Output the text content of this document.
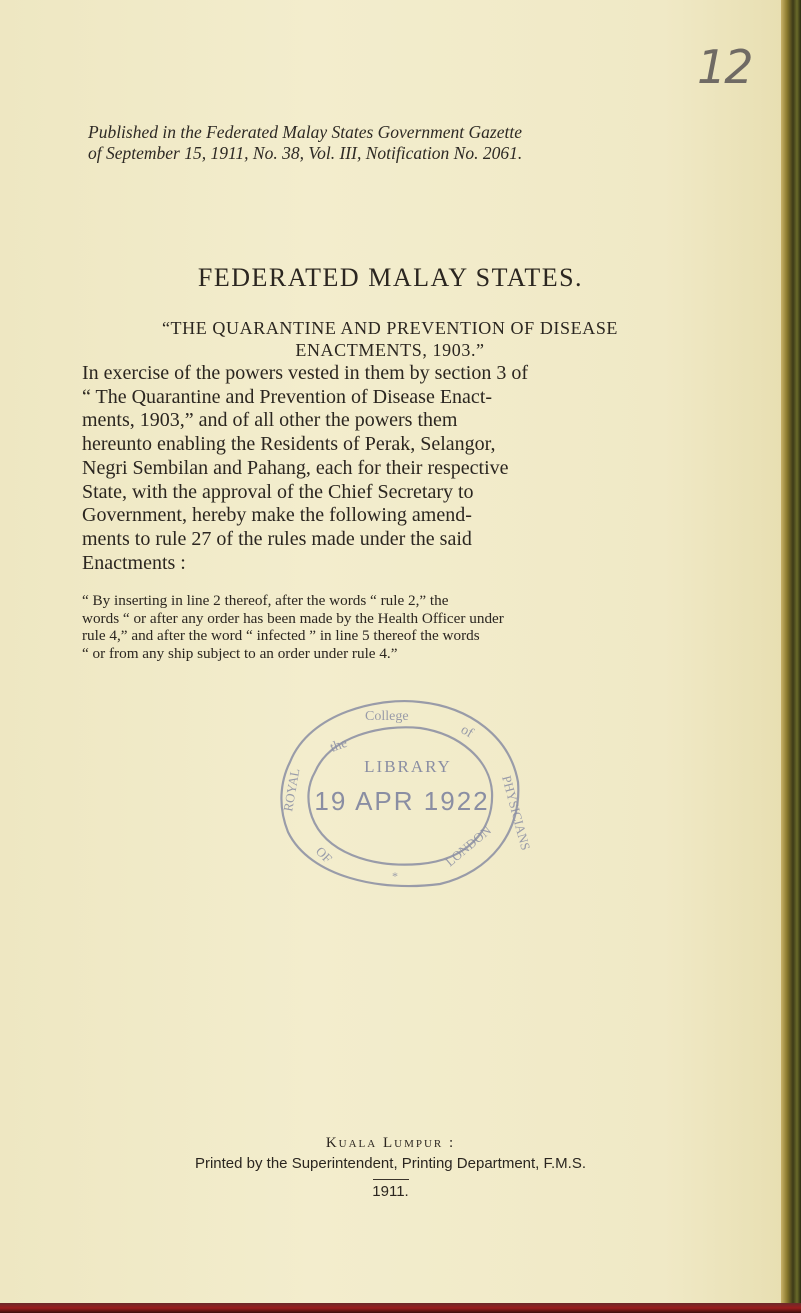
12
Published in the Federated Malay States Government Gazette
of September 15, 1911, No. 38, Vol. III, Notification No. 2061.
FEDERATED MALAY STATES.
“THE QUARANTINE AND PREVENTION OF DISEASE
ENACTMENTS, 1903.”
In exercise of the powers vested in them by section 3 of
“ The Quarantine and Prevention of Disease Enact-
ments, 1903,” and of all other the powers them
hereunto enabling the Residents of Perak, Selangor,
Negri Sembilan and Pahang, each for their respective
State, with the approval of the Chief Secretary to
Government, hereby make the following amend-
ments to rule 27 of the rules made under the said
Enactments :
“ By inserting in line 2 thereof, after the words “ rule 2,” the
words “ or after any order has been made by the Health Officer under
rule 4,” and after the word “ infected ” in line 5 thereof the words
“ or from any ship subject to an order under rule 4.”
the
College
of
ROYAL	PHYSICIANS
OF	LONDON
*
LIBRARY
19 APR 1922
Kuala Lumpur :
Printed by the Superintendent, Printing Department, F.M.S.
1911.
